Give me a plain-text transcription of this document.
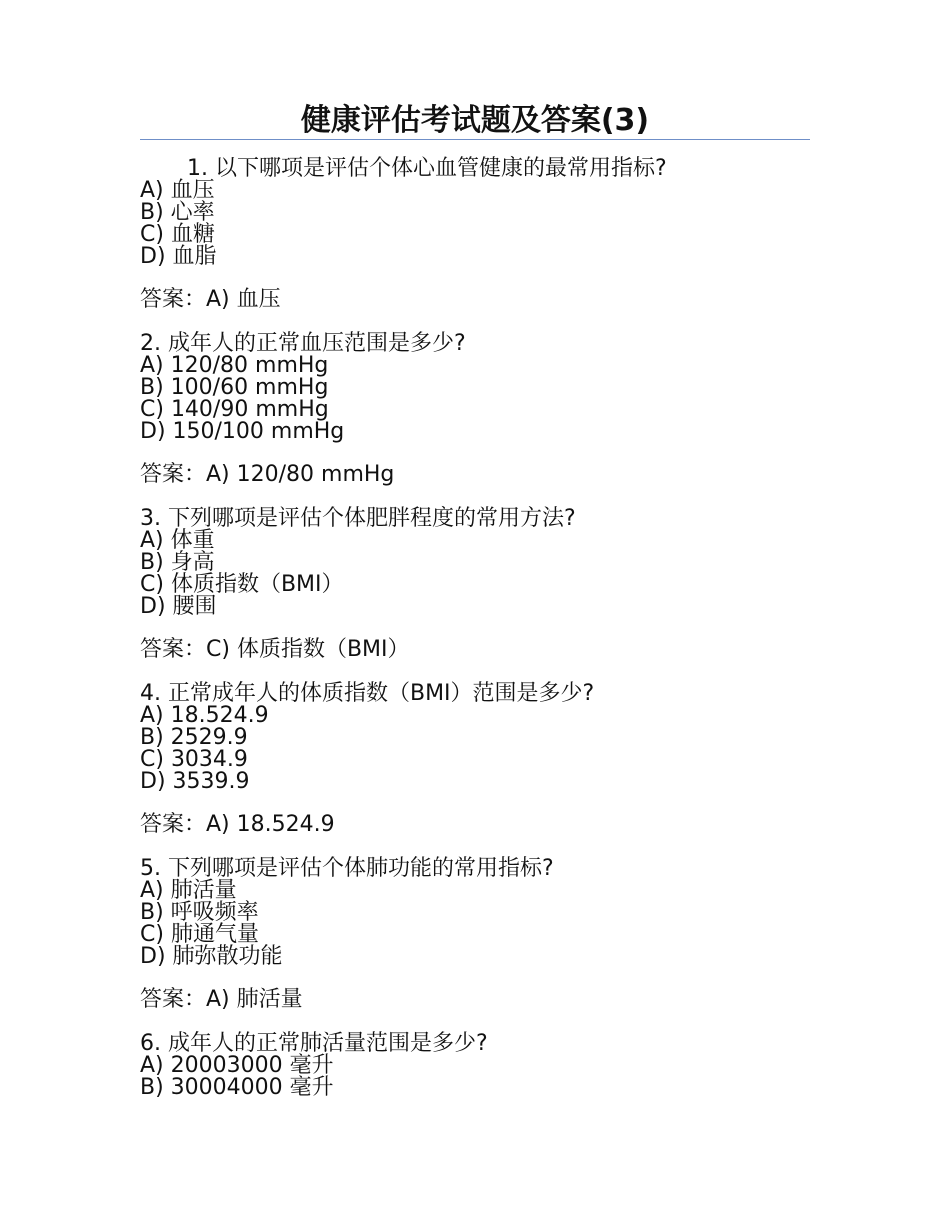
健康评估考试题及答案(3)

1. 以下哪项是评估个体心血管健康的最常用指标?

A) 血压

B) 心率

C) 血糖

D) 血脂

答案：A) 血压

2. 成年人的正常血压范围是多少?

A) 120/80 mmHg

B) 100/60 mmHg

C) 140/90 mmHg

D) 150/100 mmHg

答案：A) 120/80 mmHg

3. 下列哪项是评估个体肥胖程度的常用方法?

A) 体重

B) 身高

C) 体质指数（BMI）

D) 腰围

答案：C) 体质指数（BMI）

4. 正常成年人的体质指数（BMI）范围是多少?

A) 18.524.9

B) 2529.9

C) 3034.9

D) 3539.9

答案：A) 18.524.9

5. 下列哪项是评估个体肺功能的常用指标?

A) 肺活量

B) 呼吸频率

C) 肺通气量

D) 肺弥散功能

答案：A) 肺活量

6. 成年人的正常肺活量范围是多少?

A) 20003000 毫升

B) 30004000 毫升
